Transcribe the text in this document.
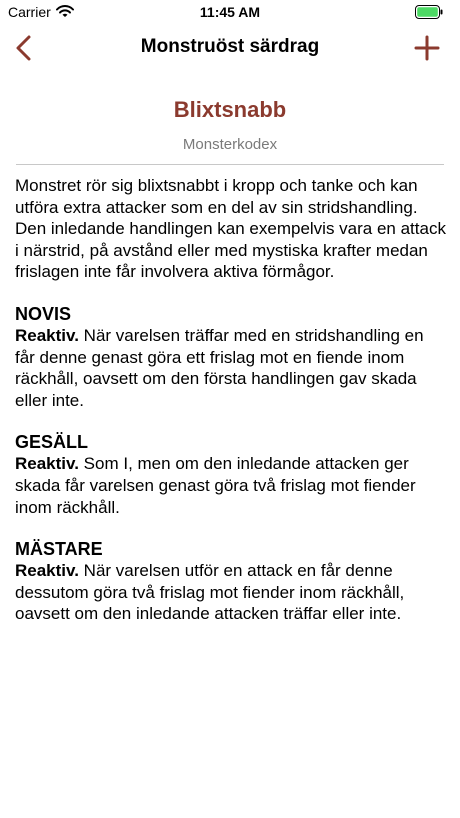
Carrier	11:45 AM
Monstruöst särdrag
Blixtsnabb
Monsterkodex

Monstret rör sig blixtsnabbt i kropp och tanke och kan utföra extra attacker som en del av sin stridshandling. Den inledande handlingen kan exempelvis vara en attack i närstrid, på avstånd eller med mystiska krafter medan frislagen inte får involvera aktiva förmågor.

NOVIS

Reaktiv. När varelsen träffar med en stridshandling en får denne genast göra ett frislag mot en fiende inom räckhåll, oavsett om den första handlingen gav skada eller inte.

GESÄLL

Reaktiv. Som I, men om den inledande attacken ger skada får varelsen genast göra två frislag mot fiender inom räckhåll.

MÄSTARE

Reaktiv. När varelsen utför en attack en får denne dessutom göra två frislag mot fiender inom räckhåll, oavsett om den inledande attacken träffar eller inte.
